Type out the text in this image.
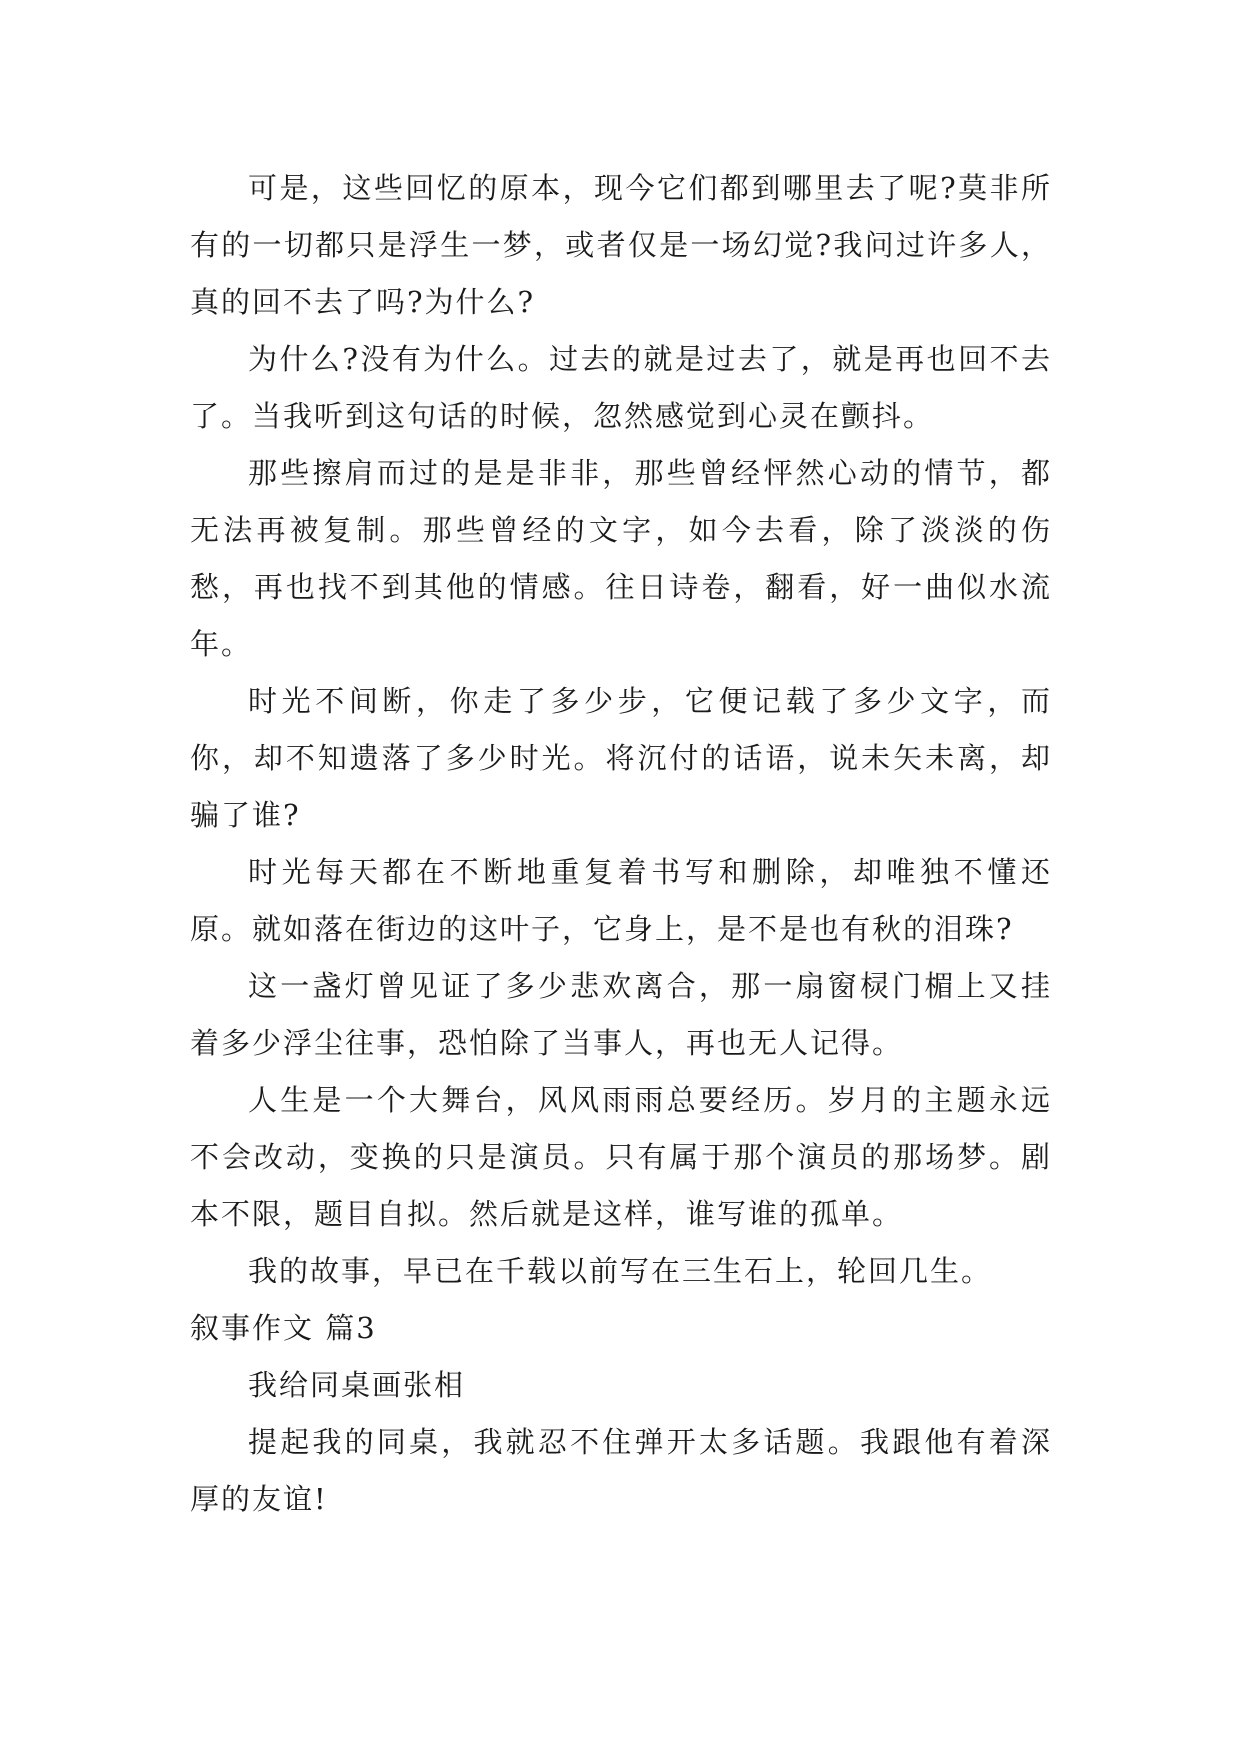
可是，这些回忆的原本，现今它们都到哪里去了呢?莫非所有的一切都只是浮生一梦，或者仅是一场幻觉?我问过许多人，真的回不去了吗?为什么?

为什么?没有为什么。过去的就是过去了，就是再也回不去了。当我听到这句话的时候，忽然感觉到心灵在颤抖。

那些擦肩而过的是是非非，那些曾经怦然心动的情节，都无法再被复制。那些曾经的文字，如今去看，除了淡淡的伤愁，再也找不到其他的情感。往日诗卷，翻看，好一曲似水流年。

时光不间断，你走了多少步，它便记载了多少文字，而你，却不知遗落了多少时光。将沉付的话语，说未矢未离，却骗了谁?

时光每天都在不断地重复着书写和删除，却唯独不懂还原。就如落在街边的这叶子，它身上，是不是也有秋的泪珠?

这一盏灯曾见证了多少悲欢离合，那一扇窗棂门楣上又挂着多少浮尘往事，恐怕除了当事人，再也无人记得。

人生是一个大舞台，风风雨雨总要经历。岁月的主题永远不会改动，变换的只是演员。只有属于那个演员的那场梦。剧本不限，题目自拟。然后就是这样，谁写谁的孤单。

我的故事，早已在千载以前写在三生石上，轮回几生。

叙事作文 篇3

我给同桌画张相

提起我的同桌，我就忍不住弹开太多话题。我跟他有着深厚的友谊!
